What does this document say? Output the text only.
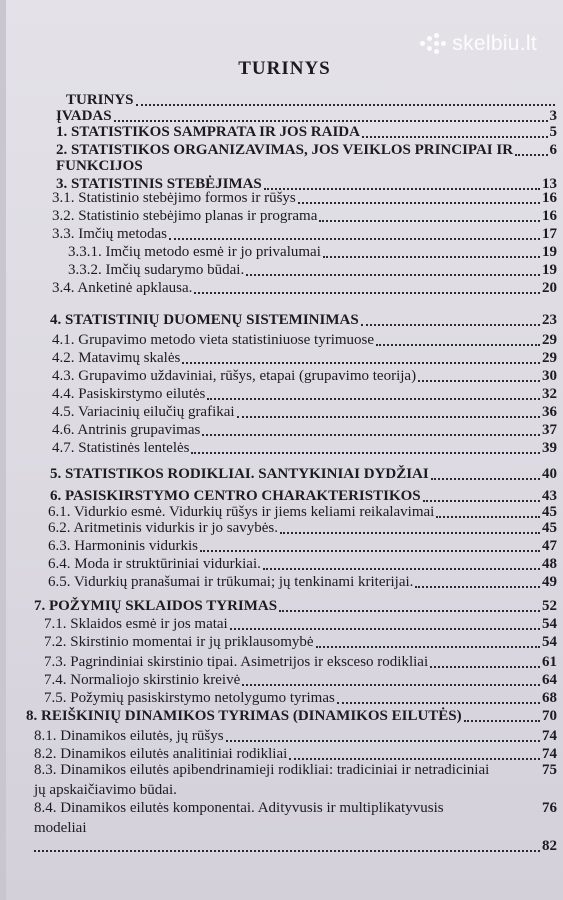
skelbiu.lt
TURINYS
TURINYS
ĮVADAS	3
1. STATISTIKOS SAMPRATA IR JOS RAIDA	5
2. STATISTIKOS ORGANIZAVIMAS, JOS VEIKLOS PRINCIPAI IR 6
FUNKCIJOS
3. STATISTINIS STEBĖJIMAS	13
3.1. Statistinio stebėjimo formos ir rūšys	16
3.2. Statistinio stebėjimo planas ir programa	16
3.3. Imčių metodas	17
3.3.1. Imčių metodo esmė ir jo privalumai	19
3.3.2. Imčių sudarymo būdai.	19
3.4. Anketinė apklausa.	20
4. STATISTINIŲ DUOMENŲ SISTEMINIMAS	23
4.1. Grupavimo metodo vieta statistiniuose tyrimuose	29
4.2. Matavimų skalės	29
4.3. Grupavimo uždaviniai, rūšys, etapai (grupavimo teorija)	30
4.4. Pasiskirstymo eilutės	32
4.5. Variacinių eilučių grafikai	36
4.6. Antrinis grupavimas	37
4.7. Statistinės lentelės	39
5. STATISTIKOS RODIKLIAI. SANTYKINIAI DYDŽIAI	40
6. PASISKIRSTYMO CENTRO CHARAKTERISTIKOS	43
6.1. Vidurkio esmė. Vidurkių rūšys ir jiems keliami reikalavimai	45
6.2. Aritmetinis vidurkis ir jo savybės.	45
6.3. Harmoninis vidurkis	47
6.4. Moda ir struktūriniai vidurkiai.	48
6.5. Vidurkių pranašumai ir trūkumai; jų tenkinami kriterijai.	49
7. POŽYMIŲ SKLAIDOS TYRIMAS	52
7.1. Sklaidos esmė ir jos matai	54
7.2. Skirstinio momentai ir jų priklausomybė	54
7.3. Pagrindiniai skirstinio tipai. Asimetrijos ir eksceso rodikliai	61
7.4. Normaliojo skirstinio kreivė	64
7.5. Požymių pasiskirstymo netolygumo tyrimas	68
8. REIŠKINIŲ DINAMIKOS TYRIMAS (DINAMIKOS EILUTĖS)	70
8.1. Dinamikos eilutės, jų rūšys	74
8.2. Dinamikos eilutės analitiniai rodikliai	74
8.3. Dinamikos eilutės apibendrinamieji rodikliai: tradiciniai ir netradiciniai	75
jų apskaičiavimo būdai.
8.4. Dinamikos eilutės komponentai. Adityvusis ir multiplikatyvusis	76
modeliai
82
